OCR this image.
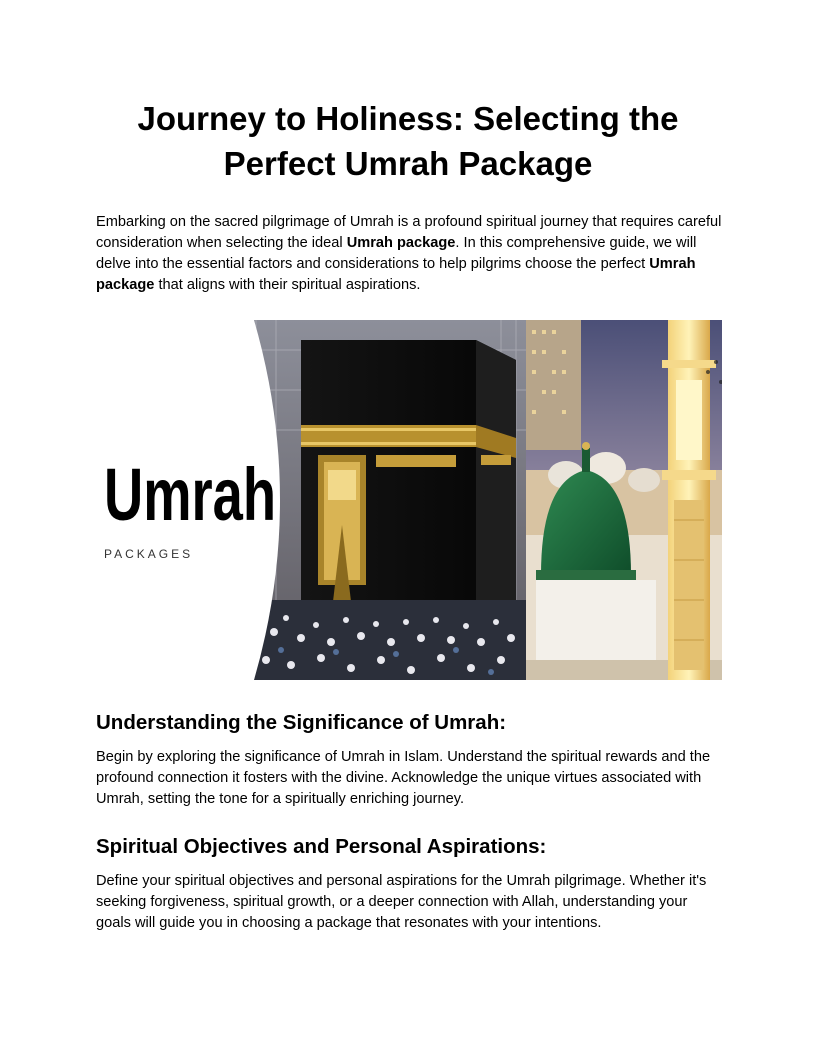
Journey to Holiness: Selecting the Perfect Umrah Package

Embarking on the sacred pilgrimage of Umrah is a profound spiritual journey that requires careful consideration when selecting the ideal Umrah package. In this comprehensive guide, we will delve into the essential factors and considerations to help pilgrims choose the perfect Umrah package that aligns with their spiritual aspirations.

Umrah
PACKAGES
Understanding the Significance of Umrah:

Begin by exploring the significance of Umrah in Islam. Understand the spiritual rewards and the profound connection it fosters with the divine. Acknowledge the unique virtues associated with Umrah, setting the tone for a spiritually enriching journey.

Spiritual Objectives and Personal Aspirations:

Define your spiritual objectives and personal aspirations for the Umrah pilgrimage. Whether it's seeking forgiveness, spiritual growth, or a deeper connection with Allah, understanding your goals will guide you in choosing a package that resonates with your intentions.
